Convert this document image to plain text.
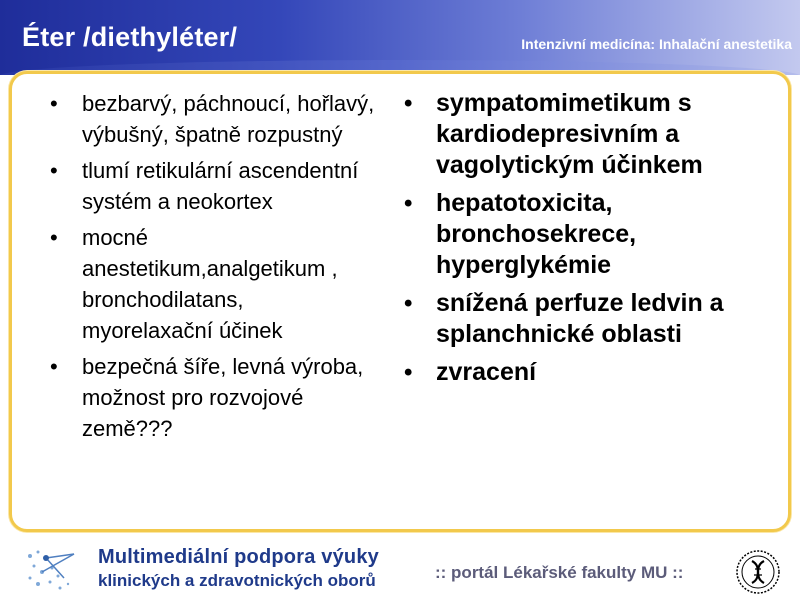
Éter /diethyléter/	Intenzivní medicína: Inhalační anestetika
• bezbarvý, páchnoucí, hořlavý, výbušný, špatně rozpustný
• tlumí retikulární ascendentní systém a neokortex
• mocné anestetikum,analgetikum , bronchodilatans, myorelaxační účinek
• bezpečná šíře, levná výroba, možnost pro rozvojové země???
• sympatomimetikum s kardiodepresivním a vagolytickým účinkem
• hepatotoxicita, bronchosekrece, hyperglykémie
• snížená perfuze ledvin a splanchnické oblasti
• zvracení
Multimediální podpora výuky
klinických a zdravotnických oborů	:: portál Lékařské fakulty MU ::
